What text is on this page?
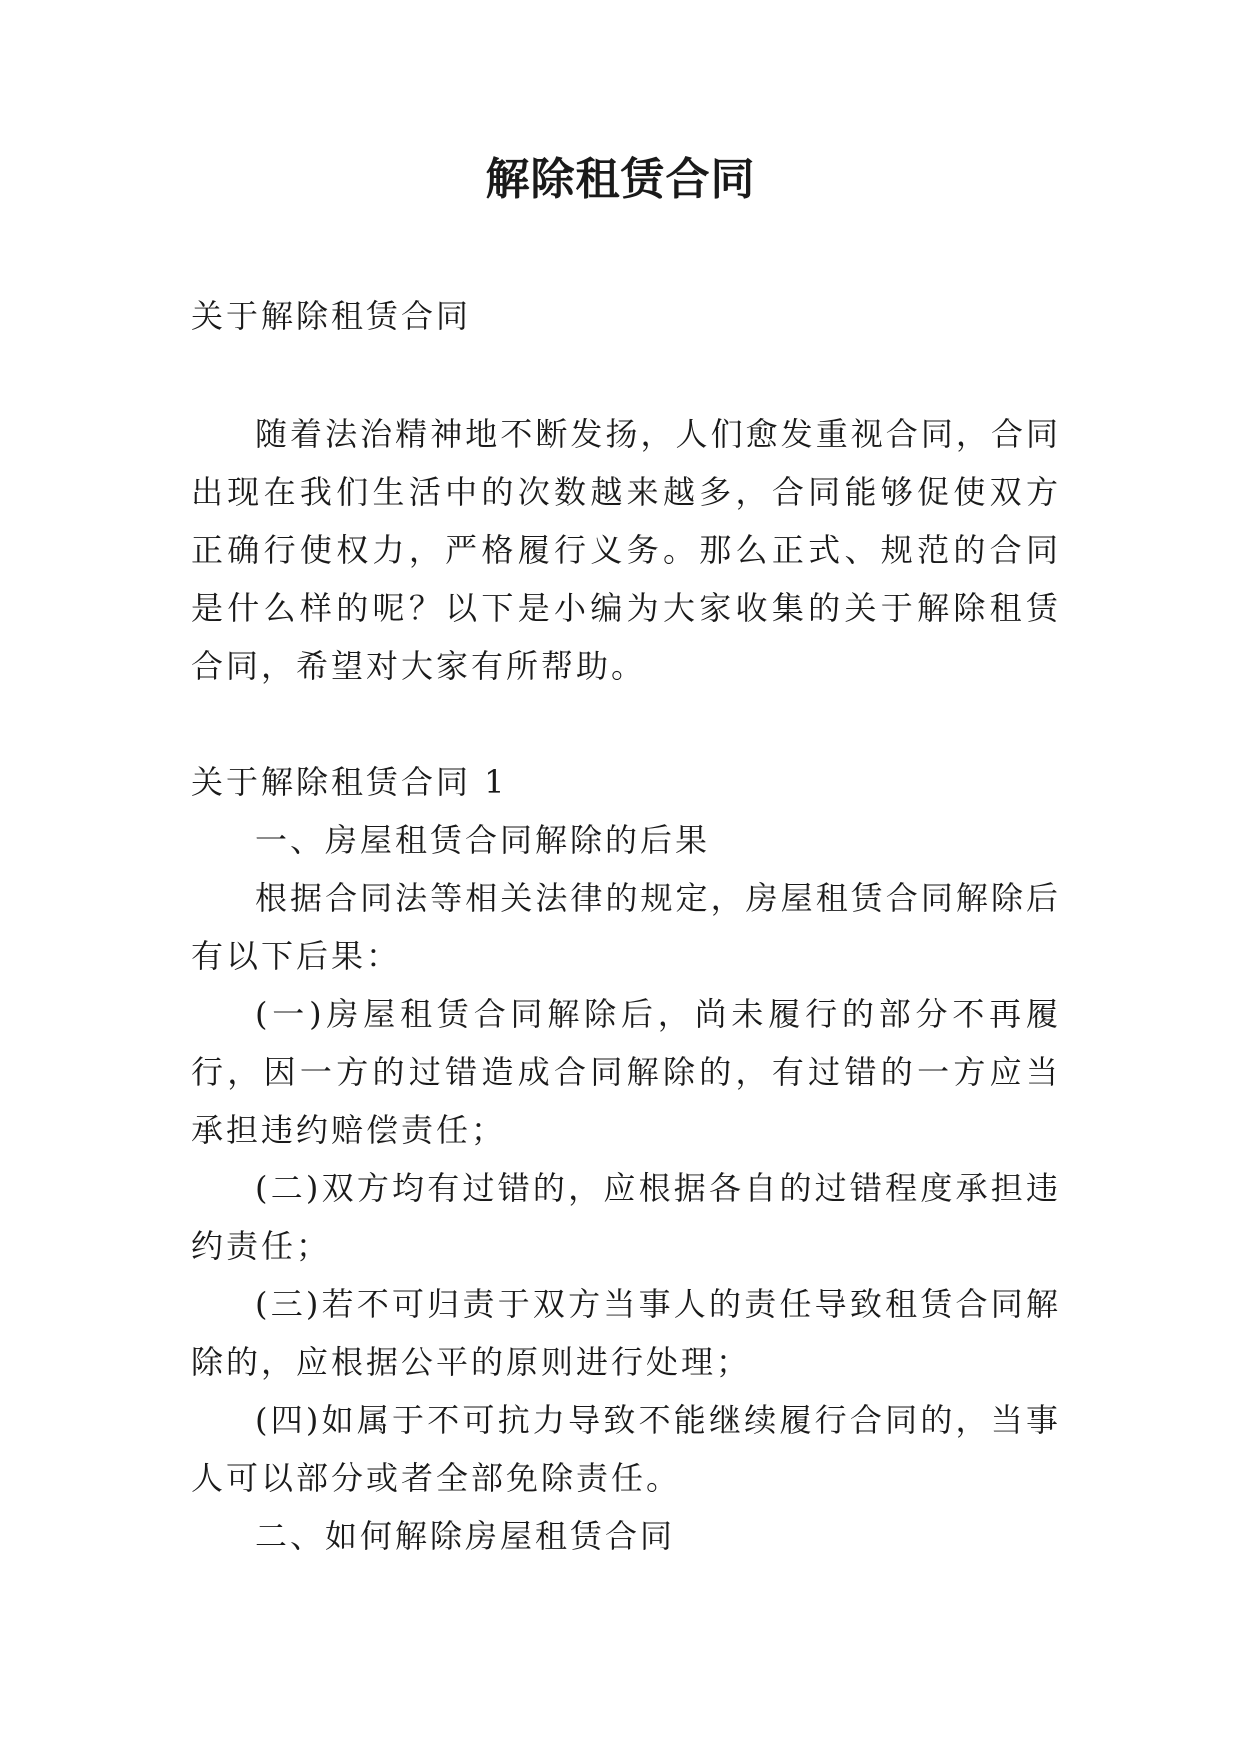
解除租赁合同

关于解除租赁合同

随着法治精神地不断发扬，人们愈发重视合同，合同出现在我们生活中的次数越来越多，合同能够促使双方正确行使权力，严格履行义务。那么正式、规范的合同是什么样的呢？以下是小编为大家收集的关于解除租赁合同，希望对大家有所帮助。

关于解除租赁合同 1

一、房屋租赁合同解除的后果

根据合同法等相关法律的规定，房屋租赁合同解除后有以下后果：

(一)房屋租赁合同解除后，尚未履行的部分不再履行，因一方的过错造成合同解除的，有过错的一方应当承担违约赔偿责任；

(二)双方均有过错的，应根据各自的过错程度承担违约责任；

(三)若不可归责于双方当事人的责任导致租赁合同解除的，应根据公平的原则进行处理；

(四)如属于不可抗力导致不能继续履行合同的，当事人可以部分或者全部免除责任。

二、如何解除房屋租赁合同
